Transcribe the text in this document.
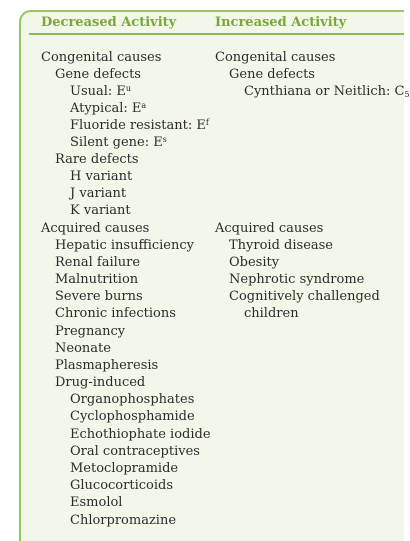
Decreased Activity	Increased Activity
Congenital causes
Gene defects
Usual: $E^u$
Atypical: $E^a$
Fluoride resistant: $E^f$
Silent gene: $E^s$
Rare defects
H variant
J variant
K variant
Acquired causes
Hepatic insufficiency
Renal failure
Malnutrition
Severe burns
Chronic infections
Pregnancy
Neonate
Plasmapheresis
Drug-induced
Organophosphates
Cyclophosphamide
Echothiophate iodide
Oral contraceptives
Metoclopramide
Glucocorticoids
Esmolol
Chlorpromazine
Congenital causes
Gene defects
Cynthiana or Neitlich: $C_5$
Acquired causes
Thyroid disease
Obesity
Nephrotic syndrome
Cognitively challenged
children
